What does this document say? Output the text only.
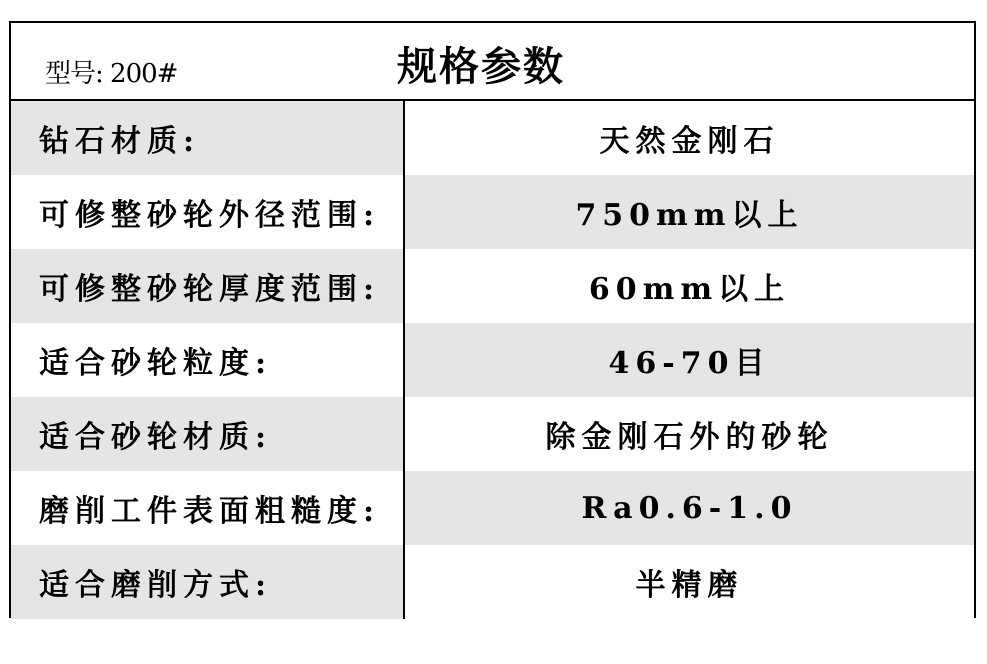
型号: 200#	规格参数
钻石材质:	天然金刚石
可修整砂轮外径范围:	750mm以上
可修整砂轮厚度范围:	60mm以上
适合砂轮粒度:	46-70目
适合砂轮材质:	除金刚石外的砂轮
磨削工件表面粗糙度:	Ra0.6-1.0
适合磨削方式:	半精磨
